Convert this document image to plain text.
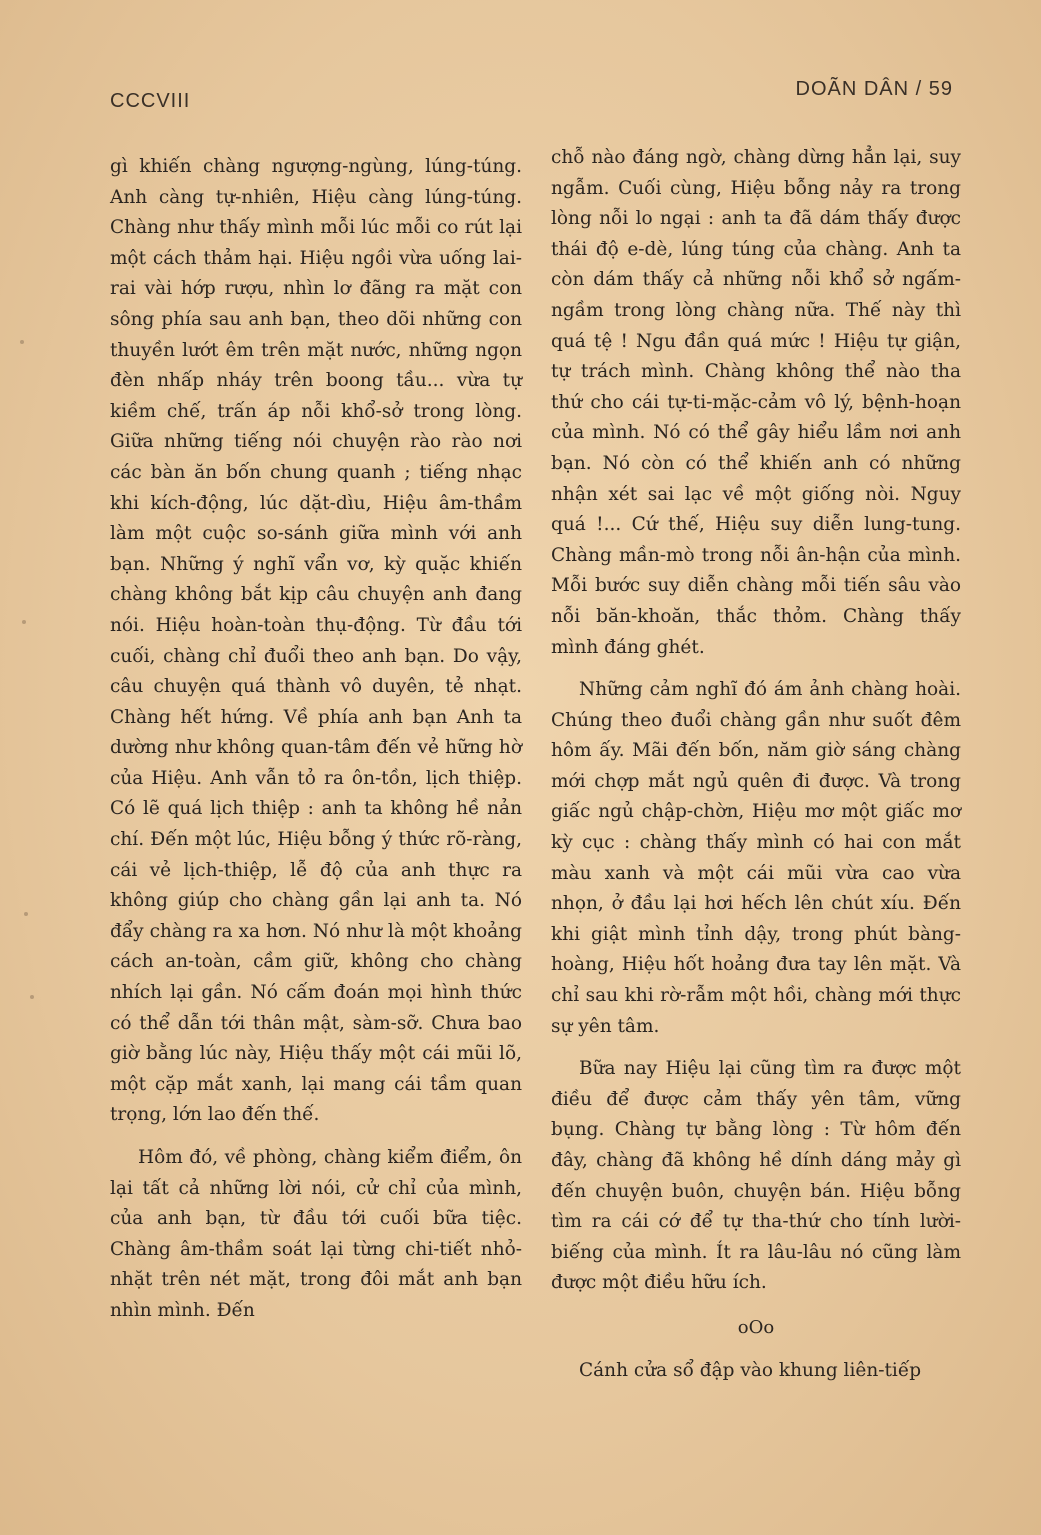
CCCVIII
DOÃN DÂN / 59

gì khiến chàng ngượng-ngùng, lúng-túng. Anh càng tự-nhiên, Hiệu càng lúng-túng. Chàng như thấy mình mỗi lúc mỗi co rút lại một cách thảm hại. Hiệu ngồi vừa uống lai-rai vài hớp rượu, nhìn lơ đãng ra mặt con sông phía sau anh bạn, theo dõi những con thuyền lướt êm trên mặt nước, những ngọn đèn nhấp nháy trên boong tầu... vừa tự kiềm chế, trấn áp nỗi khổ-sở trong lòng. Giữa những tiếng nói chuyện rào rào nơi các bàn ăn bốn chung quanh ; tiếng nhạc khi kích-động, lúc dặt-dìu, Hiệu âm-thầm làm một cuộc so-sánh giữa mình với anh bạn. Những ý nghĩ vẩn vơ, kỳ quặc khiến chàng không bắt kịp câu chuyện anh đang nói. Hiệu hoàn-toàn thụ-động. Từ đầu tới cuối, chàng chỉ đuổi theo anh bạn. Do vậy, câu chuyện quá thành vô duyên, tẻ nhạt. Chàng hết hứng. Về phía anh bạn Anh ta dường như không quan-tâm đến vẻ hững hờ của Hiệu. Anh vẫn tỏ ra ôn-tồn, lịch thiệp. Có lẽ quá lịch thiệp : anh ta không hề nản chí. Đến một lúc, Hiệu bỗng ý thức rõ-ràng, cái vẻ lịch-thiệp, lễ độ của anh thực ra không giúp cho chàng gần lại anh ta. Nó đẩy chàng ra xa hơn. Nó như là một khoảng cách an-toàn, cầm giữ, không cho chàng nhích lại gần. Nó cấm đoán mọi hình thức có thể dẫn tới thân mật, sàm-sỡ. Chưa bao giờ bằng lúc này, Hiệu thấy một cái mũi lõ, một cặp mắt xanh, lại mang cái tầm quan trọng, lớn lao đến thế.

Hôm đó, về phòng, chàng kiểm điểm, ôn lại tất cả những lời nói, cử chỉ của mình, của anh bạn, từ đầu tới cuối bữa tiệc. Chàng âm-thầm soát lại từng chi-tiết nhỏ-nhặt trên nét mặt, trong đôi mắt anh bạn nhìn mình. Đến

chỗ nào đáng ngờ, chàng dừng hẳn lại, suy ngẫm. Cuối cùng, Hiệu bỗng nảy ra trong lòng nỗi lo ngại : anh ta đã dám thấy được thái độ e-dè, lúng túng của chàng. Anh ta còn dám thấy cả những nỗi khổ sở ngấm-ngầm trong lòng chàng nữa. Thế này thì quá tệ ! Ngu đần quá mức ! Hiệu tự giận, tự trách mình. Chàng không thể nào tha thứ cho cái tự-ti-mặc-cảm vô lý, bệnh-hoạn của mình. Nó có thể gây hiểu lầm nơi anh bạn. Nó còn có thể khiến anh có những nhận xét sai lạc về một giống nòi. Nguy quá !... Cứ thế, Hiệu suy diễn lung-tung. Chàng mần-mò trong nỗi ân-hận của mình. Mỗi bước suy diễn chàng mỗi tiến sâu vào nỗi băn-khoăn, thắc thỏm. Chàng thấy mình đáng ghét.

Những cảm nghĩ đó ám ảnh chàng hoài. Chúng theo đuổi chàng gần như suốt đêm hôm ấy. Mãi đến bốn, năm giờ sáng chàng mới chợp mắt ngủ quên đi được. Và trong giấc ngủ chập-chờn, Hiệu mơ một giấc mơ kỳ cục : chàng thấy mình có hai con mắt màu xanh và một cái mũi vừa cao vừa nhọn, ở đầu lại hơi hếch lên chút xíu. Đến khi giật mình tỉnh dậy, trong phút bàng-hoàng, Hiệu hốt hoảng đưa tay lên mặt. Và chỉ sau khi rờ-rẫm một hồi, chàng mới thực sự yên tâm.

Bữa nay Hiệu lại cũng tìm ra được một điều để được cảm thấy yên tâm, vững bụng. Chàng tự bằng lòng : Từ hôm đến đây, chàng đã không hề dính dáng mảy gì đến chuyện buôn, chuyện bán. Hiệu bỗng tìm ra cái cớ để tự tha-thứ cho tính lười-biếng của mình. Ít ra lâu-lâu nó cũng làm được một điều hữu ích.

oOo

Cánh cửa sổ đập vào khung liên-tiếp
